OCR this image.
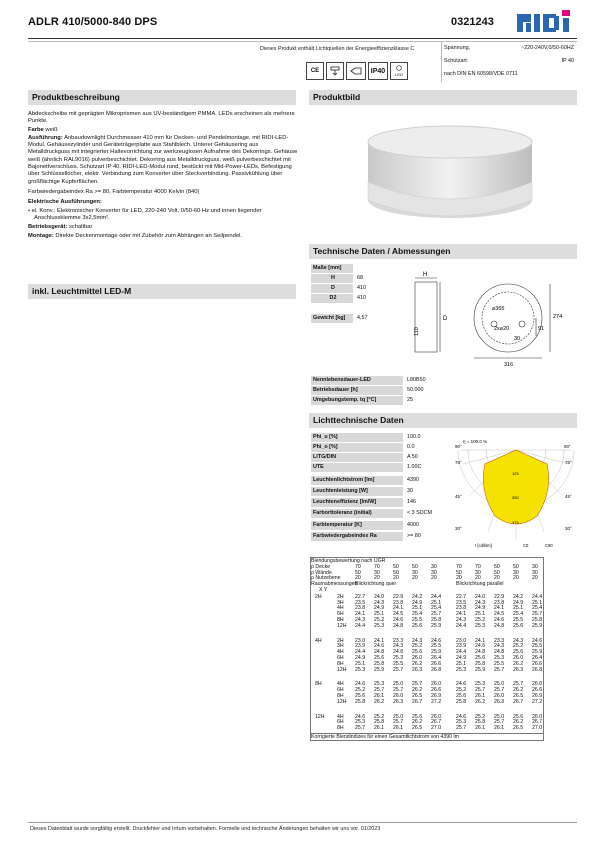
ADLR 410/5000-840 DPS	0321243
Dieses Produkt enthält Lichtquellen der Energieeffizienzklasse C	Spannung,	~220-240V,0/50-60HZ
Schutzart:	IP 40
nach DIN EN 60598/VDE 0711
CE	IP40	LED
Produktbeschreibung	Produktbild

Abdeckscheibe mit geprägten Mikroprismen aus UV-beständigem PMMA. LEDs erscheinen als mehrere Punkte.

Farbe weiß

Ausführung: Anbaudownlight Durchmesser 410 mm für Decken- und Pendelmontage, mit RIDI-LED-Modul. Gehäusezylinder und Geräteträgerplatte aus Stahlblech. Unterer Gehäusering aus Metalldruckguss mit integrierter Haltevorrichtung zur werkzeuglosen Aufnahme des Dekorrings. Gehäuse weiß (ähnlich RAL9016) pulverbeschichtet. Dekorring aus Metalldruckguss, weiß pulverbeschichtet mit Bajonettverschluss. Schutzart IP 40. RIDI-LED-Modul rund, bestückt mit Mid-Power-LEDs, Befestigung über Schlüssellöcher, elektr. Verbindung zum Konverter über Steckverbindung. Passivkühlung über großflächige Kupferflächen.

Farbwiedergabeindex Ra >= 80, Farbtemperatur 4000 Kelvin (840)

Elektrische Ausführungen:

• el. Konv.: Elektronischer Konverter für LED, 220-240 Volt, 0/50-60 Hz und innen liegender Anschlussklemme 3x2,5mm².

Betriebsgerät: schaltbar

Montage: Direkte Deckenmontage oder mit Zubehör zum Abhängen an Seilpendel.

inkl. Leuchtmittel LED-M
Technische Daten / Abmessungen
Maße [mm]
H	68
D	410
D2	410
Gewicht [kg]	4,57
H
D
110
⌀365
2x⌀20
30
91
274
316
Nennlebensdauer-LED	L80B50
Betriebsdauer [h]	50.000
Umgebungstemp. tq [°C]	25
Lichttechnische Daten
Phi_u [%]	100.0
Phi_o [%]	0.0
LITG/DIN	A 50
UTE	1.00C
Leuchtenlichtstrom [lm]	4390
Leuchtenleistung [W]	30
Leuchteneffizienz [lm/W]	146
Farborttoleranz (initial)	< 3 SDCM
Farbtemperatur [K]	4000
Farbwiedergabeindex Ra	>= 80
η = 100.0 %
90°	90°
75°	75°
45°	45°
30°	30°
125
250
375
I [cd/klm]	C0	C90
Blendungsbewertung nach UGR
ρ Decke	70	70	50	50	30	70	70	50	50	30
ρ Wände	50	30	50	30	30	50	30	50	30	30
ρ Nutzebene	20	20	20	20	20	20	20	20	20	20
Raumabmessungen
Blickrichtung quer	Blickrichtung parallel
X Y
2H	2H 22.7 24.0 22.9 24.2 24.4	22.7 24.0 22.9 24.2 24.4
3H 23.5 24.3 23.8 24.9 25.1	23.5 24.3 23.8 24.9 25.1
4H 23.8 24.9 24.1 25.1 25.4	23.8 24.9 24.1 25.1 25.4
6H 24.1 25.1 24.5 25.4 25.7	24.1 25.1 24.5 25.4 25.7
8H 24.3 25.2 24.6 25.5 25.8	24.3 25.2 24.6 25.5 25.8
12H 24.4 25.3 24.8 25.6 25.9	24.4 25.3 24.8 25.6 25.9
4H	2H 23.0 24.1 23.3 24.3 24.6	23.0 24.1 23.3 24.3 24.6
3H 23.9 24.6 24.3 25.2 25.5	23.9 24.6 24.3 25.2 25.5
4H 24.4 24.8 24.8 25.6 25.9	24.4 24.8 24.8 25.6 25.9
6H 24.9 25.6 25.3 26.0 26.4	24.9 25.6 25.3 26.0 26.4
8H 25.1 25.8 25.5 26.2 26.6	25.1 25.8 25.5 26.2 26.6
12H 25.3 25.9 25.7 26.3 26.8	25.3 25.9 25.7 26.3 26.8
8H	4H 24.6 25.3 25.0 25.7 26.0	24.6 25.3 25.0 25.7 26.0
6H 25.2 25.7 25.7 26.2 26.6	25.2 25.7 25.7 26.2 26.6
8H 25.6 26.1 26.0 26.5 26.9	25.6 26.1 26.0 26.5 26.9
12H 25.8 26.2 26.3 26.7 27.2	25.8 26.2 26.3 26.7 27.2
12H 4H 24.6 25.2 25.0 25.6 26.0	24.6 25.2 25.0 25.6 26.0
6H 25.3 25.8 25.7 26.2 26.7	25.3 25.8 25.7 26.2 26.7
8H 25.7 26.1 26.1 26.5 27.0	25.7 26.1 26.1 26.5 27.0
Korrigierte Blendindizes für einen Gesamtlichtstrom von 4390 lm
Dieses Datenblatt wurde sorgfältig erstellt. Druckfehler und Irrtum vorbehalten. Formelle und technische Änderungen behalten wir uns vor. 01/2023
